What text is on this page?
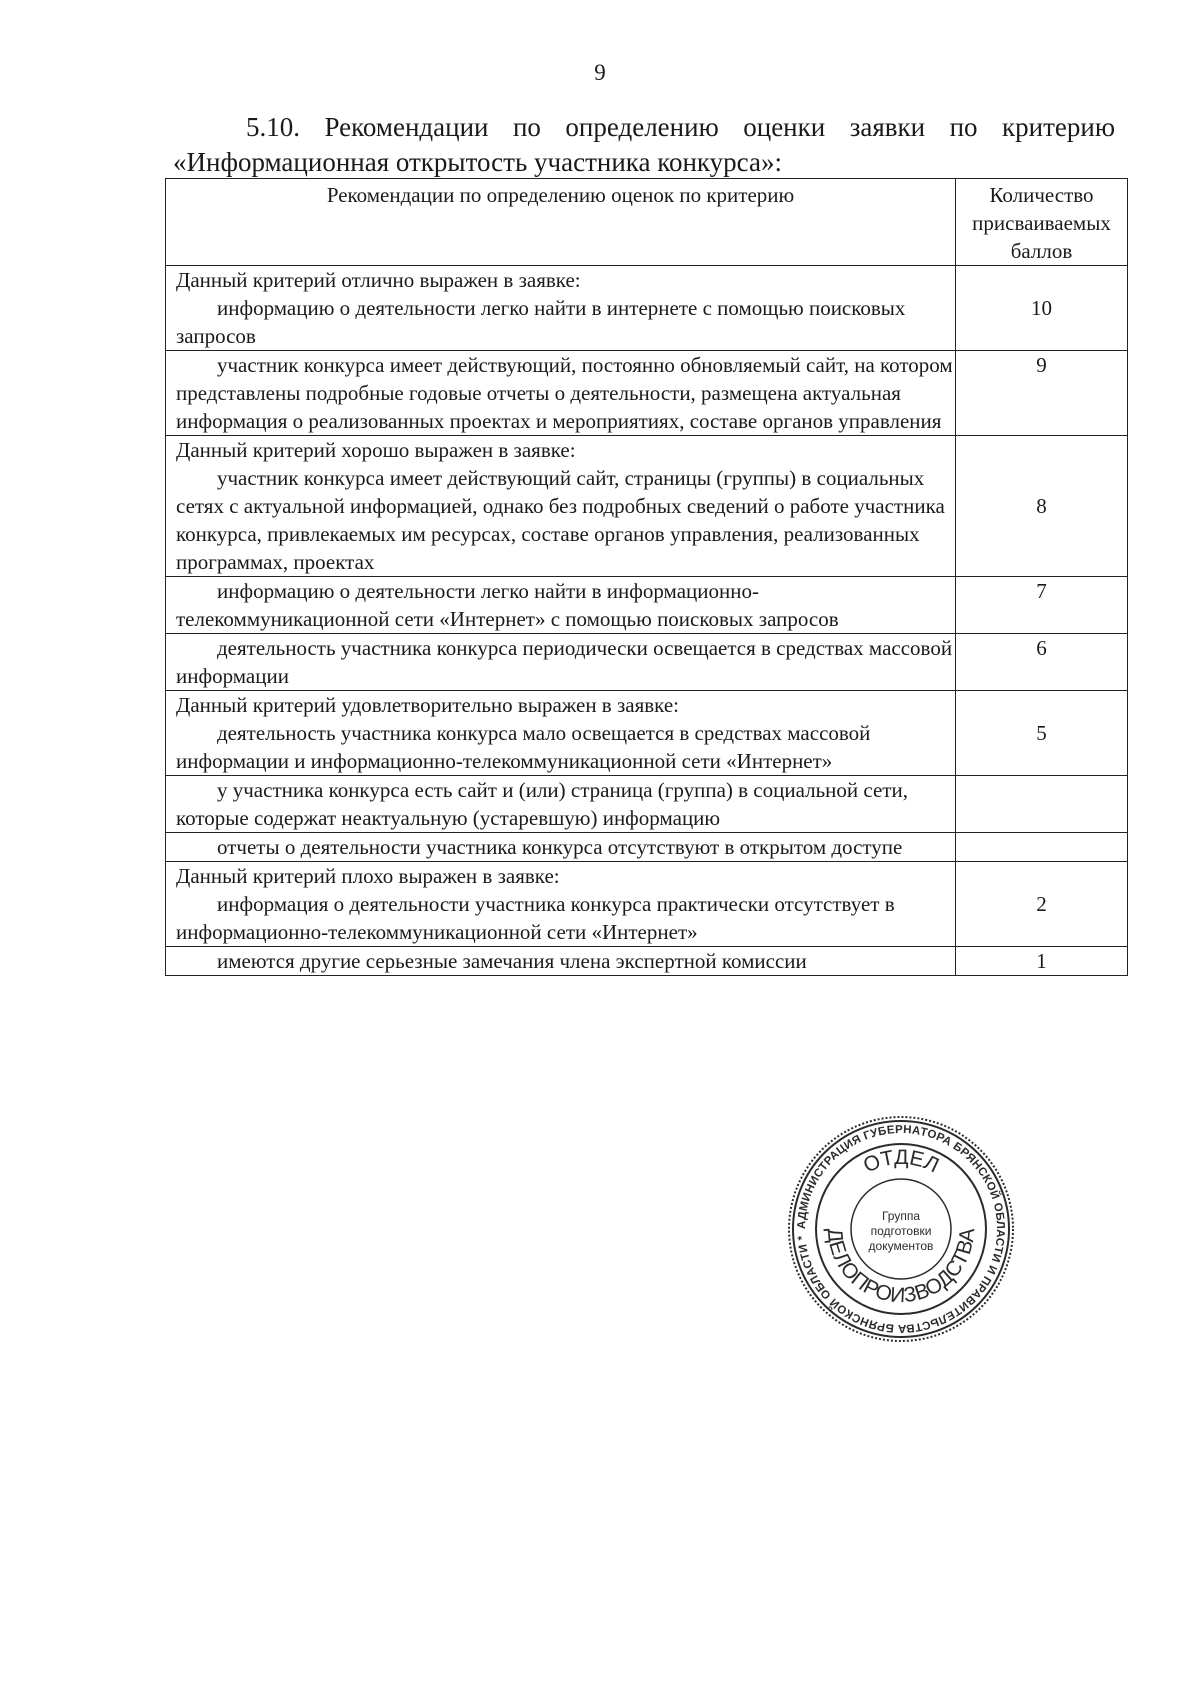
9

5.10. Рекомендации по определению оценки заявки по критерию
«Информационная открытость участника конкурса»:

Рекомендации по определению оценок по критерию	Количество присваиваемых баллов

Данный критерий отлично выражен в заявке:
информацию о деятельности легко найти в интернете с помощью поисковых запросов	10

участник конкурса имеет действующий, постоянно обновляемый сайт, на котором представлены подробные годовые отчеты о деятельности, размещена актуальная информация о реализованных проектах и мероприятиях, составе органов управления	9

Данный критерий хорошо выражен в заявке:
участник конкурса имеет действующий сайт, страницы (группы) в социальных сетях с актуальной информацией, однако без подробных сведений о работе участника конкурса, привлекаемых им ресурсах, составе органов управления, реализованных программах, проектах	8

информацию о деятельности легко найти в информационно-телекоммуникационной сети «Интернет» с помощью поисковых запросов	7

деятельность участника конкурса периодически освещается в средствах массовой информации	6

Данный критерий удовлетворительно выражен в заявке:
деятельность участника конкурса мало освещается в средствах массовой информации и информационно-телекоммуникационной сети «Интернет»	5

у участника конкурса есть сайт и (или) страница (группа) в социальной сети, которые содержат неактуальную (устаревшую) информацию	

отчеты о деятельности участника конкурса отсутствуют в открытом доступе	

Данный критерий плохо выражен в заявке:
информация о деятельности участника конкурса практически отсутствует в информационно-телекоммуникационной сети «Интернет»	2

имеются другие серьезные замечания члена экспертной комиссии	1
АДМИНИСТРАЦИЯ ГУБЕРНАТОРА БРЯНСКОЙ ОБЛАСТИ И ПРАВИТЕЛЬСТВА БРЯНСКОЙ ОБЛАСТИ *
ОТДЕЛ
ДЕЛОПРОИЗВОДСТВА
Группа
подготовки
документов
